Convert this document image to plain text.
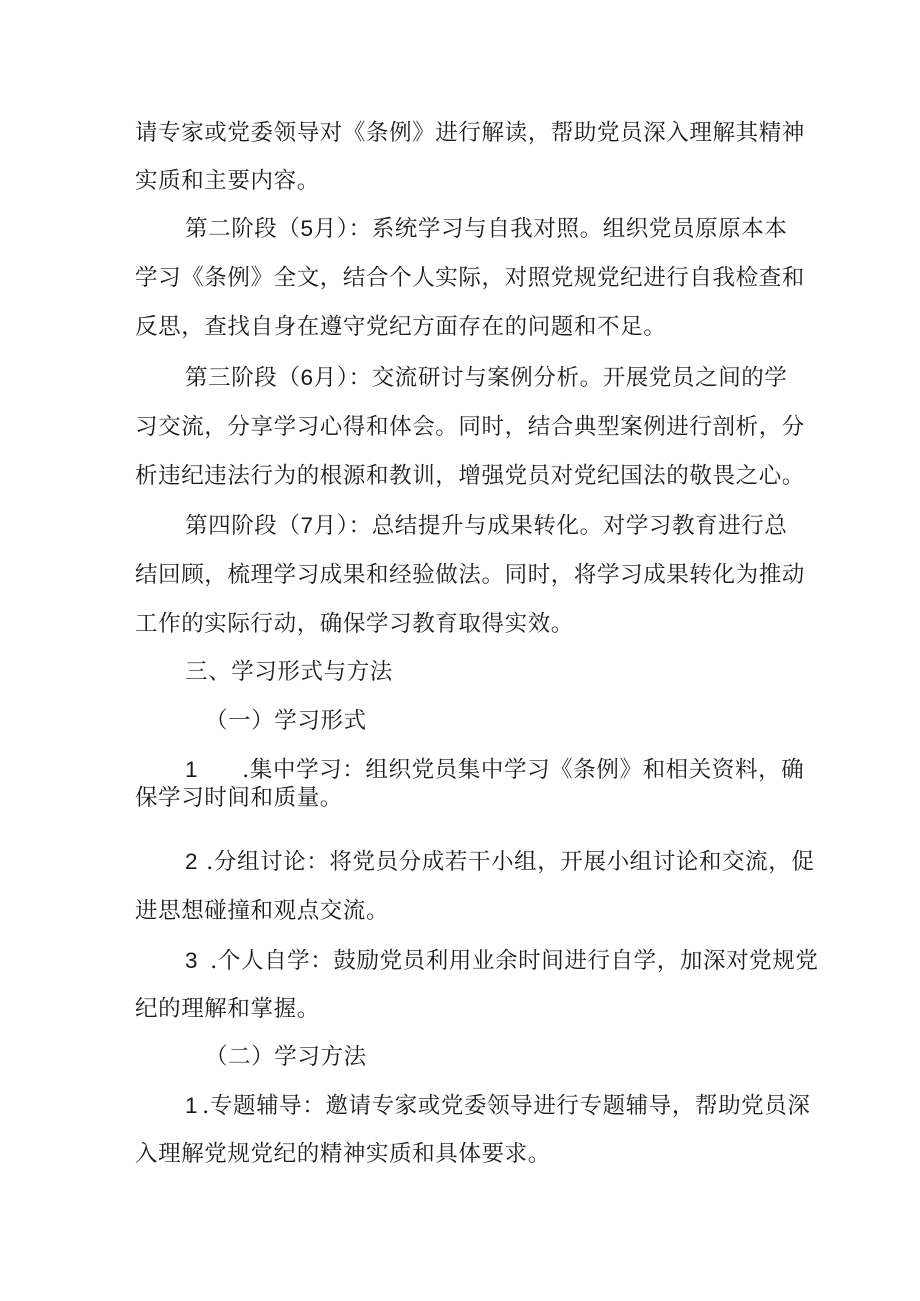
请专家或党委领导对《条例》进行解读，帮助党员深入理解其精神
实质和主要内容。
第二阶段（5月）：系统学习与自我对照。组织党员原原本本
学习《条例》全文，结合个人实际，对照党规党纪进行自我检查和
反思，查找自身在遵守党纪方面存在的问题和不足。
第三阶段（6月）：交流研讨与案例分析。开展党员之间的学
习交流，分享学习心得和体会。同时，结合典型案例进行剖析，分
析违纪违法行为的根源和教训，增强党员对党纪国法的敬畏之心。
第四阶段（7月）：总结提升与成果转化。对学习教育进行总
结回顾，梳理学习成果和经验做法。同时，将学习成果转化为推动
工作的实际行动，确保学习教育取得实效。
三、学习形式与方法
（一）学习形式
1 .集中学习：组织党员集中学习《条例》和相关资料，确
保学习时间和质量。
2 .分组讨论：将党员分成若干小组，开展小组讨论和交流，促
进思想碰撞和观点交流。
3 .个人自学：鼓励党员利用业余时间进行自学，加深对党规党
纪的理解和掌握。
（二）学习方法
1 .专题辅导：邀请专家或党委领导进行专题辅导，帮助党员深
入理解党规党纪的精神实质和具体要求。
